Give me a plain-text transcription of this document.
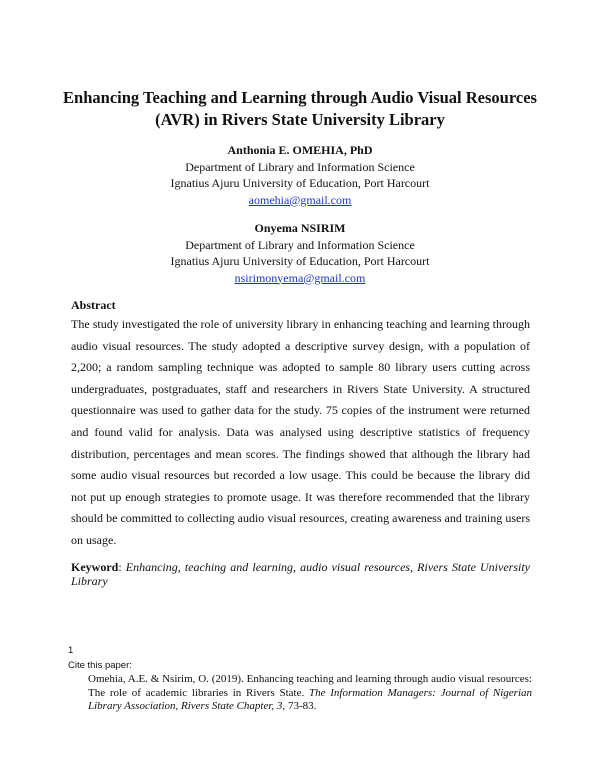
Enhancing Teaching and Learning through Audio Visual Resources
(AVR) in Rivers State University Library
Anthonia E. OMEHIA, PhD
Department of Library and Information Science
Ignatius Ajuru University of Education, Port Harcourt
aomehia@gmail.com
Onyema NSIRIM
Department of Library and Information Science
Ignatius Ajuru University of Education, Port Harcourt
nsirimonyema@gmail.com
Abstract
The study investigated the role of university library in enhancing teaching and learning through audio visual resources. The study adopted a descriptive survey design, with a population of 2,200; a random sampling technique was adopted to sample 80 library users cutting across undergraduates, postgraduates, staff and researchers in Rivers State University. A structured questionnaire was used to gather data for the study. 75 copies of the instrument were returned and found valid for analysis. Data was analysed using descriptive statistics of frequency distribution, percentages and mean scores. The findings showed that although the library had some audio visual resources but recorded a low usage. This could be because the library did not put up enough strategies to promote usage. It was therefore recommended that the library should be committed to collecting audio visual resources, creating awareness and training users on usage.
Keyword: Enhancing, teaching and learning, audio visual resources, Rivers State University Library
1
Cite this paper:
Omehia, A.E. & Nsirim, O. (2019). Enhancing teaching and learning through audio visual resources: The role of academic libraries in Rivers State. The Information Managers: Journal of Nigerian Library Association, Rivers State Chapter, 3, 73-83.
